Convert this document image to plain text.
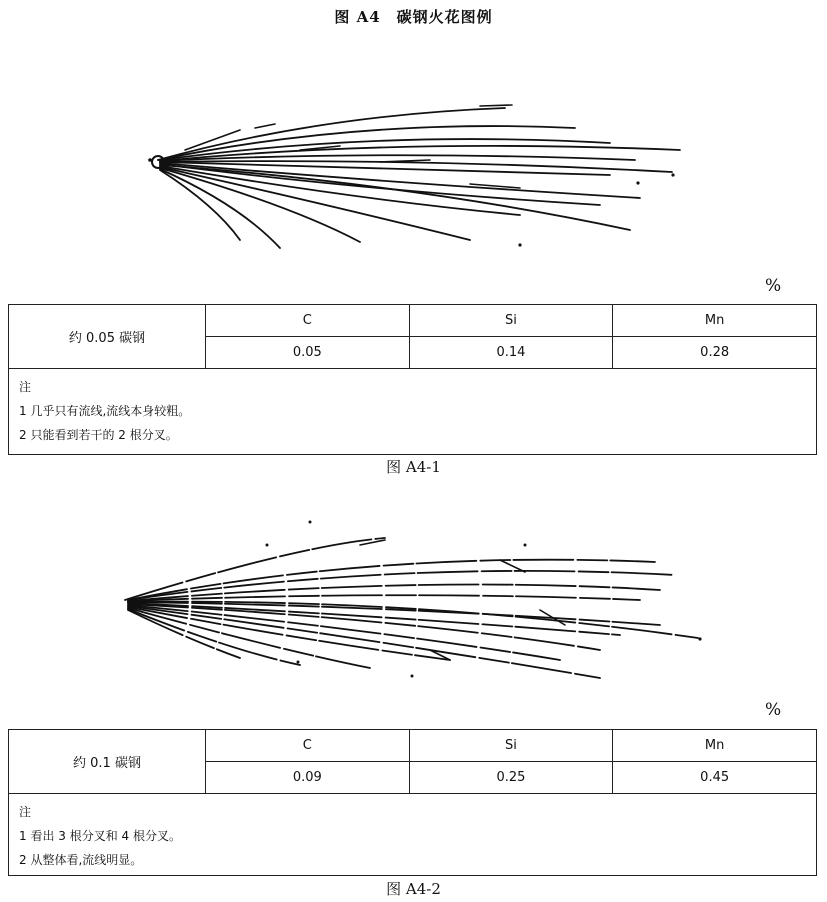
图 A4　碳钢火花图例
%
约 0.05 碳钢	C	Si	Mn
	0.05	0.14	0.28

注
1 几乎只有流线,流线本身较粗。
2 只能看到若干的 2 根分叉。			
图 A4-1
%
约 0.1 碳钢	C	Si	Mn
	0.09	0.25	0.45

注
1 看出 3 根分叉和 4 根分叉。
2 从整体看,流线明显。			
图 A4-2
